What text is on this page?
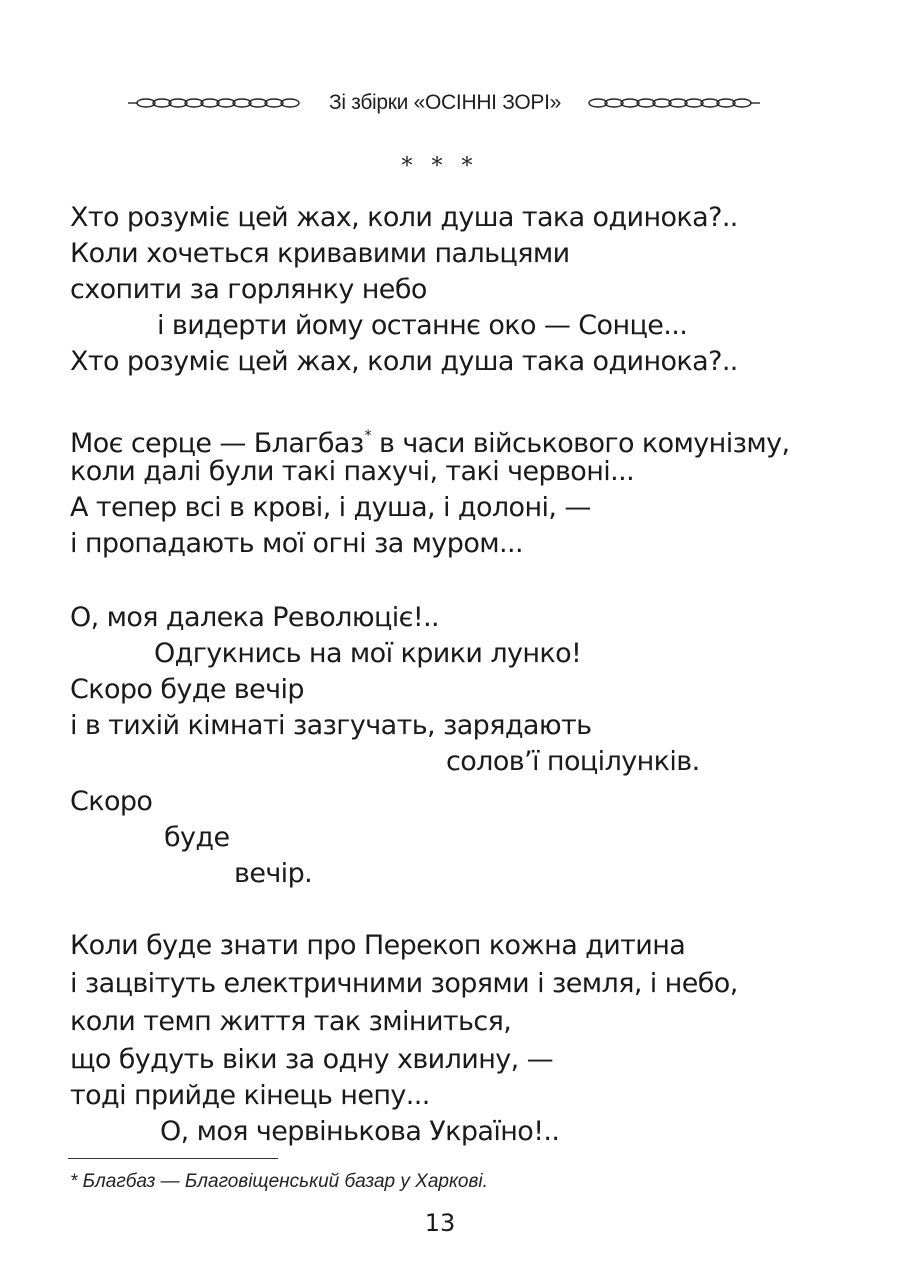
Зі збірки «ОСІННІ ЗОРІ»
* * *
Хто розуміє цей жах, коли душа така одинока?..
Коли хочеться кривавими пальцями
схопити за горлянку небо
і видерти йому останнє око — Сонце...
Хто розуміє цей жах, коли душа така одинока?..
Моє серце — Благбаз* в часи військового комунізму,
коли далі були такі пахучі, такі червоні...
А тепер всі в крові, і душа, і долоні, —
і пропадають мої огні за муром...
О, моя далека Революціє!..
Одгукнись на мої крики лунко!
Скоро буде вечір
і в тихій кімнаті зазгучать, зарядають
солов’ї поцілунків.
Скоро
буде
вечір.
Коли буде знати про Перекоп кожна дитина
і зацвітуть електричними зорями і земля, і небо,
коли темп життя так зміниться,
що будуть віки за одну хвилину, —
тоді прийде кінець непу...
О, моя червінькова Україно!..
* Благбаз — Благовіщенський базар у Харкові.
13
